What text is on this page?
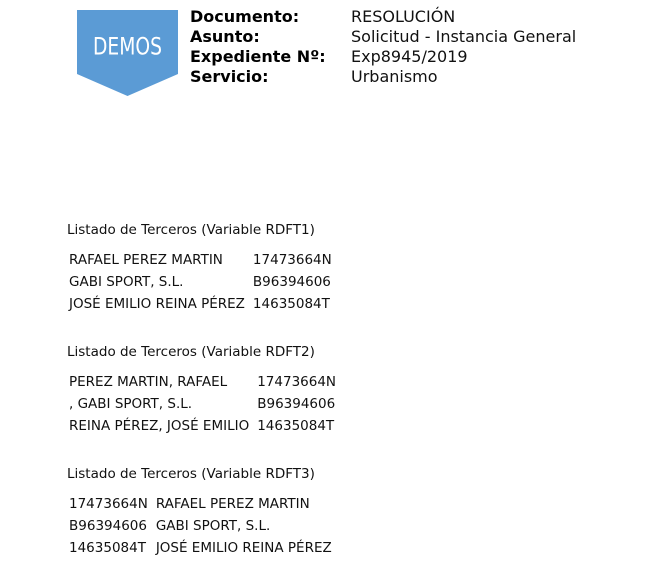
DEMOS
Documento:	RESOLUCIÓN
Asunto:	Solicitud - Instancia General
Expediente Nº:	Exp8945/2019
Servicio:	Urbanismo
Listado de Terceros (Variable RDFT1)
RAFAEL PEREZ MARTIN	17473664N
GABI SPORT, S.L.	B96394606
JOSÉ EMILIO REINA PÉREZ	14635084T
Listado de Terceros (Variable RDFT2)
PEREZ MARTIN, RAFAEL	17473664N
, GABI SPORT, S.L.	B96394606
REINA PÉREZ, JOSÉ EMILIO	14635084T
Listado de Terceros (Variable RDFT3)
17473664N	RAFAEL PEREZ MARTIN
B96394606	GABI SPORT, S.L.
14635084T	JOSÉ EMILIO REINA PÉREZ
